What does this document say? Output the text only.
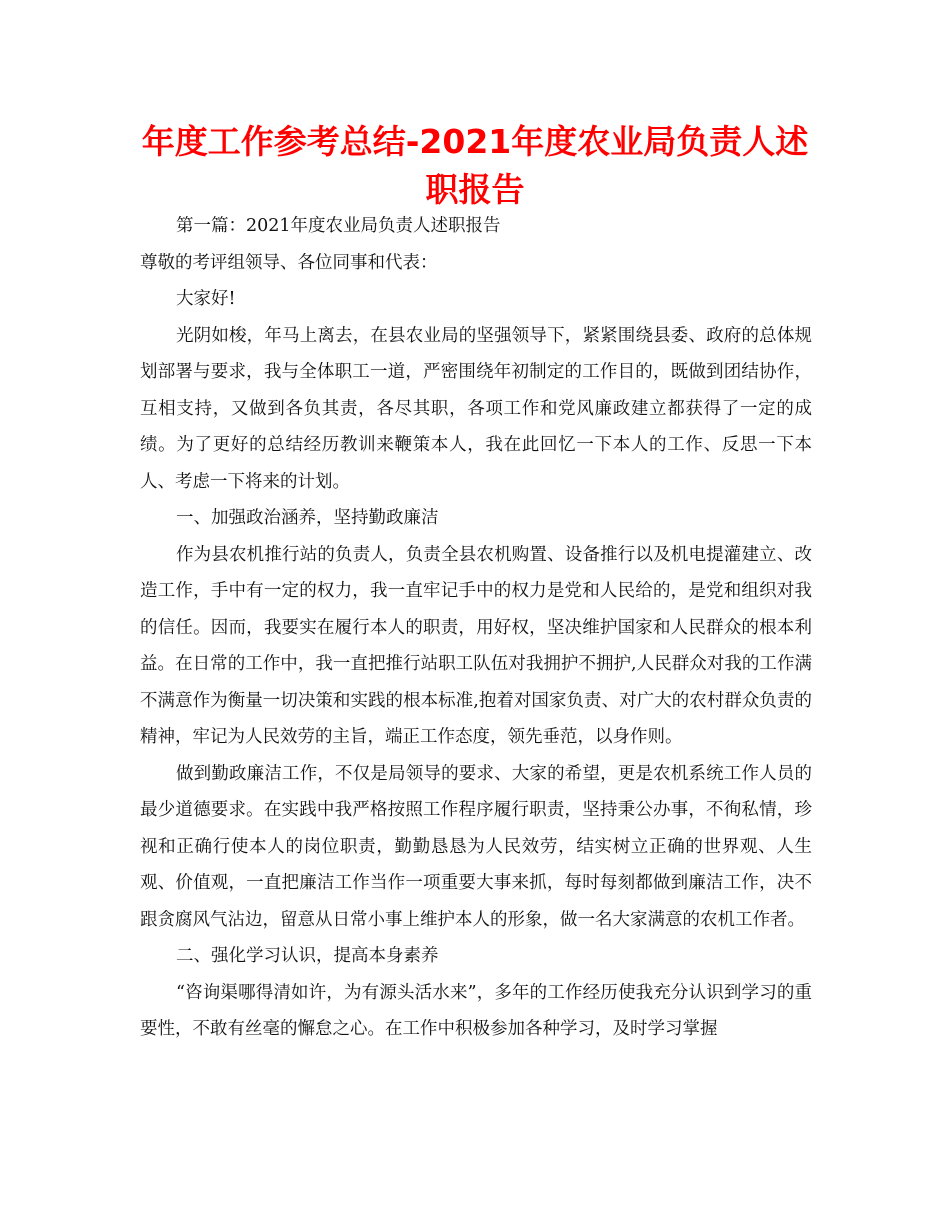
年度工作参考总结-2021年度农业局负责人述职报告

第一篇：2021年度农业局负责人述职报告

尊敬的考评组领导、各位同事和代表：

大家好!

光阴如梭，年马上离去，在县农业局的坚强领导下，紧紧围绕县委、政府的总体规划部署与要求，我与全体职工一道，严密围绕年初制定的工作目的，既做到团结协作，互相支持，又做到各负其责，各尽其职，各项工作和党风廉政建立都获得了一定的成绩。为了更好的总结经历教训来鞭策本人，我在此回忆一下本人的工作、反思一下本人、考虑一下将来的计划。

一、加强政治涵养，坚持勤政廉洁

作为县农机推行站的负责人，负责全县农机购置、设备推行以及机电提灌建立、改造工作，手中有一定的权力，我一直牢记手中的权力是党和人民给的，是党和组织对我的信任。因而，我要实在履行本人的职责，用好权，坚决维护国家和人民群众的根本利益。在日常的工作中，我一直把推行站职工队伍对我拥护不拥护,人民群众对我的工作满不满意作为衡量一切决策和实践的根本标准,抱着对国家负责、对广大的农村群众负责的精神，牢记为人民效劳的主旨，端正工作态度，领先垂范，以身作则。

做到勤政廉洁工作，不仅是局领导的要求、大家的希望，更是农机系统工作人员的最少道德要求。在实践中我严格按照工作程序履行职责，坚持秉公办事，不徇私情，珍视和正确行使本人的岗位职责，勤勤恳恳为人民效劳，结实树立正确的世界观、人生观、价值观，一直把廉洁工作当作一项重要大事来抓，每时每刻都做到廉洁工作，决不跟贪腐风气沾边，留意从日常小事上维护本人的形象，做一名大家满意的农机工作者。

二、强化学习认识，提高本身素养

“咨询渠哪得清如许，为有源头活水来”，多年的工作经历使我充分认识到学习的重要性，不敢有丝毫的懈怠之心。在工作中积极参加各种学习，及时学习掌握
